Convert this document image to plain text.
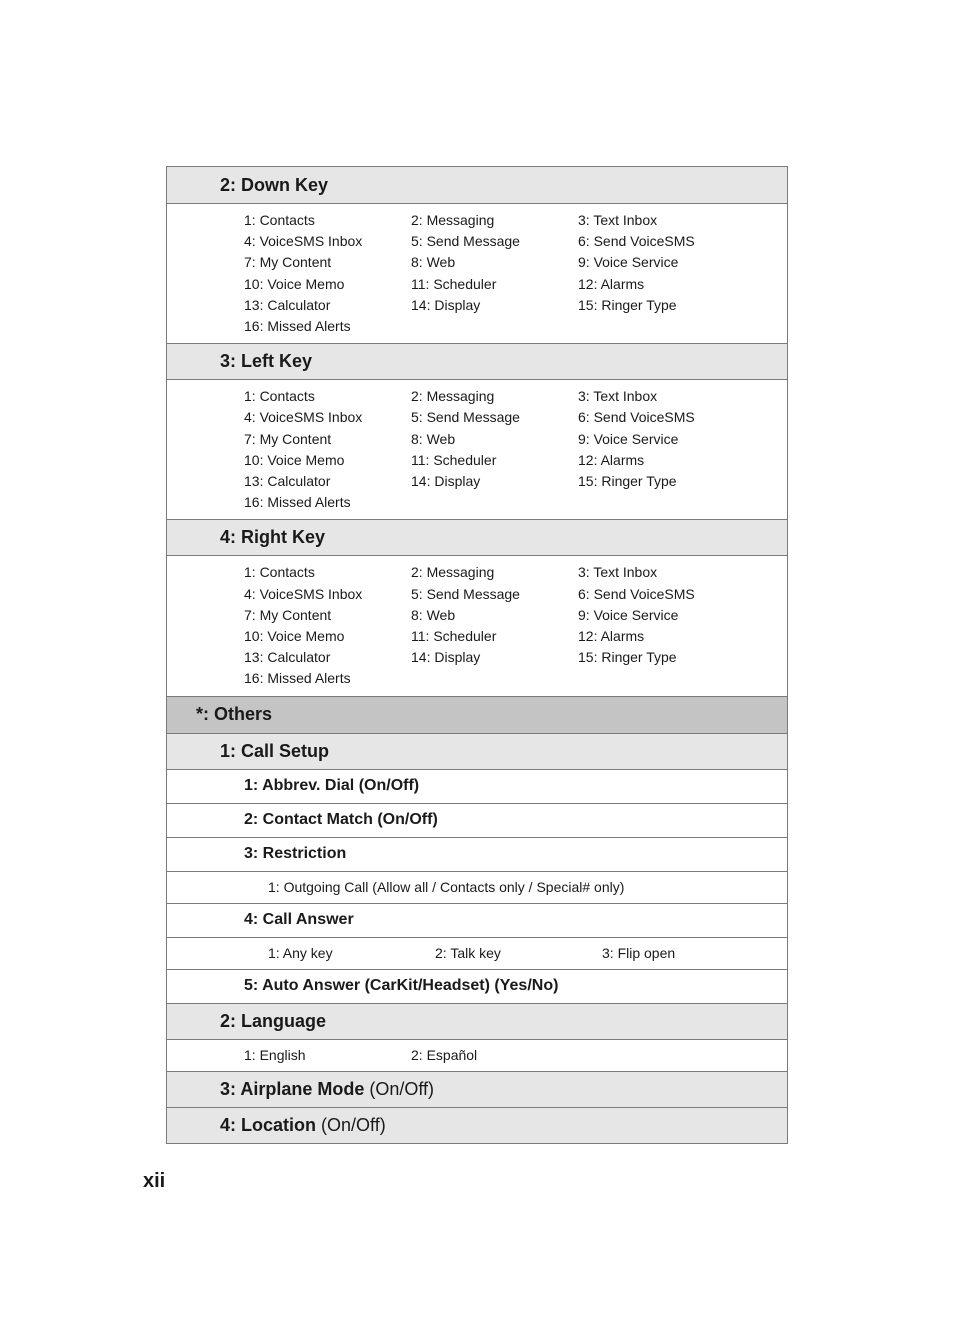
2: Down Key
1: Contacts	2: Messaging	3: Text Inbox
4: VoiceSMS Inbox	5: Send Message	6: Send VoiceSMS
7: My Content	8: Web	9: Voice Service
10: Voice Memo	11: Scheduler	12: Alarms
13: Calculator	14: Display	15: Ringer Type
16: Missed Alerts
3: Left Key
1: Contacts	2: Messaging	3: Text Inbox
4: VoiceSMS Inbox	5: Send Message	6: Send VoiceSMS
7: My Content	8: Web	9: Voice Service
10: Voice Memo	11: Scheduler	12: Alarms
13: Calculator	14: Display	15: Ringer Type
16: Missed Alerts
4: Right Key
1: Contacts	2: Messaging	3: Text Inbox
4: VoiceSMS Inbox	5: Send Message	6: Send VoiceSMS
7: My Content	8: Web	9: Voice Service
10: Voice Memo	11: Scheduler	12: Alarms
13: Calculator	14: Display	15: Ringer Type
16: Missed Alerts
*: Others
1: Call Setup
1: Abbrev. Dial (On/Off)
2: Contact Match (On/Off)
3: Restriction
1: Outgoing Call (Allow all / Contacts only / Special# only)
4: Call Answer
1: Any key	2: Talk key	3: Flip open
5: Auto Answer (CarKit/Headset) (Yes/No)
2: Language
1: English	2: Español
3: Airplane Mode (On/Off)
4: Location (On/Off)
xii
